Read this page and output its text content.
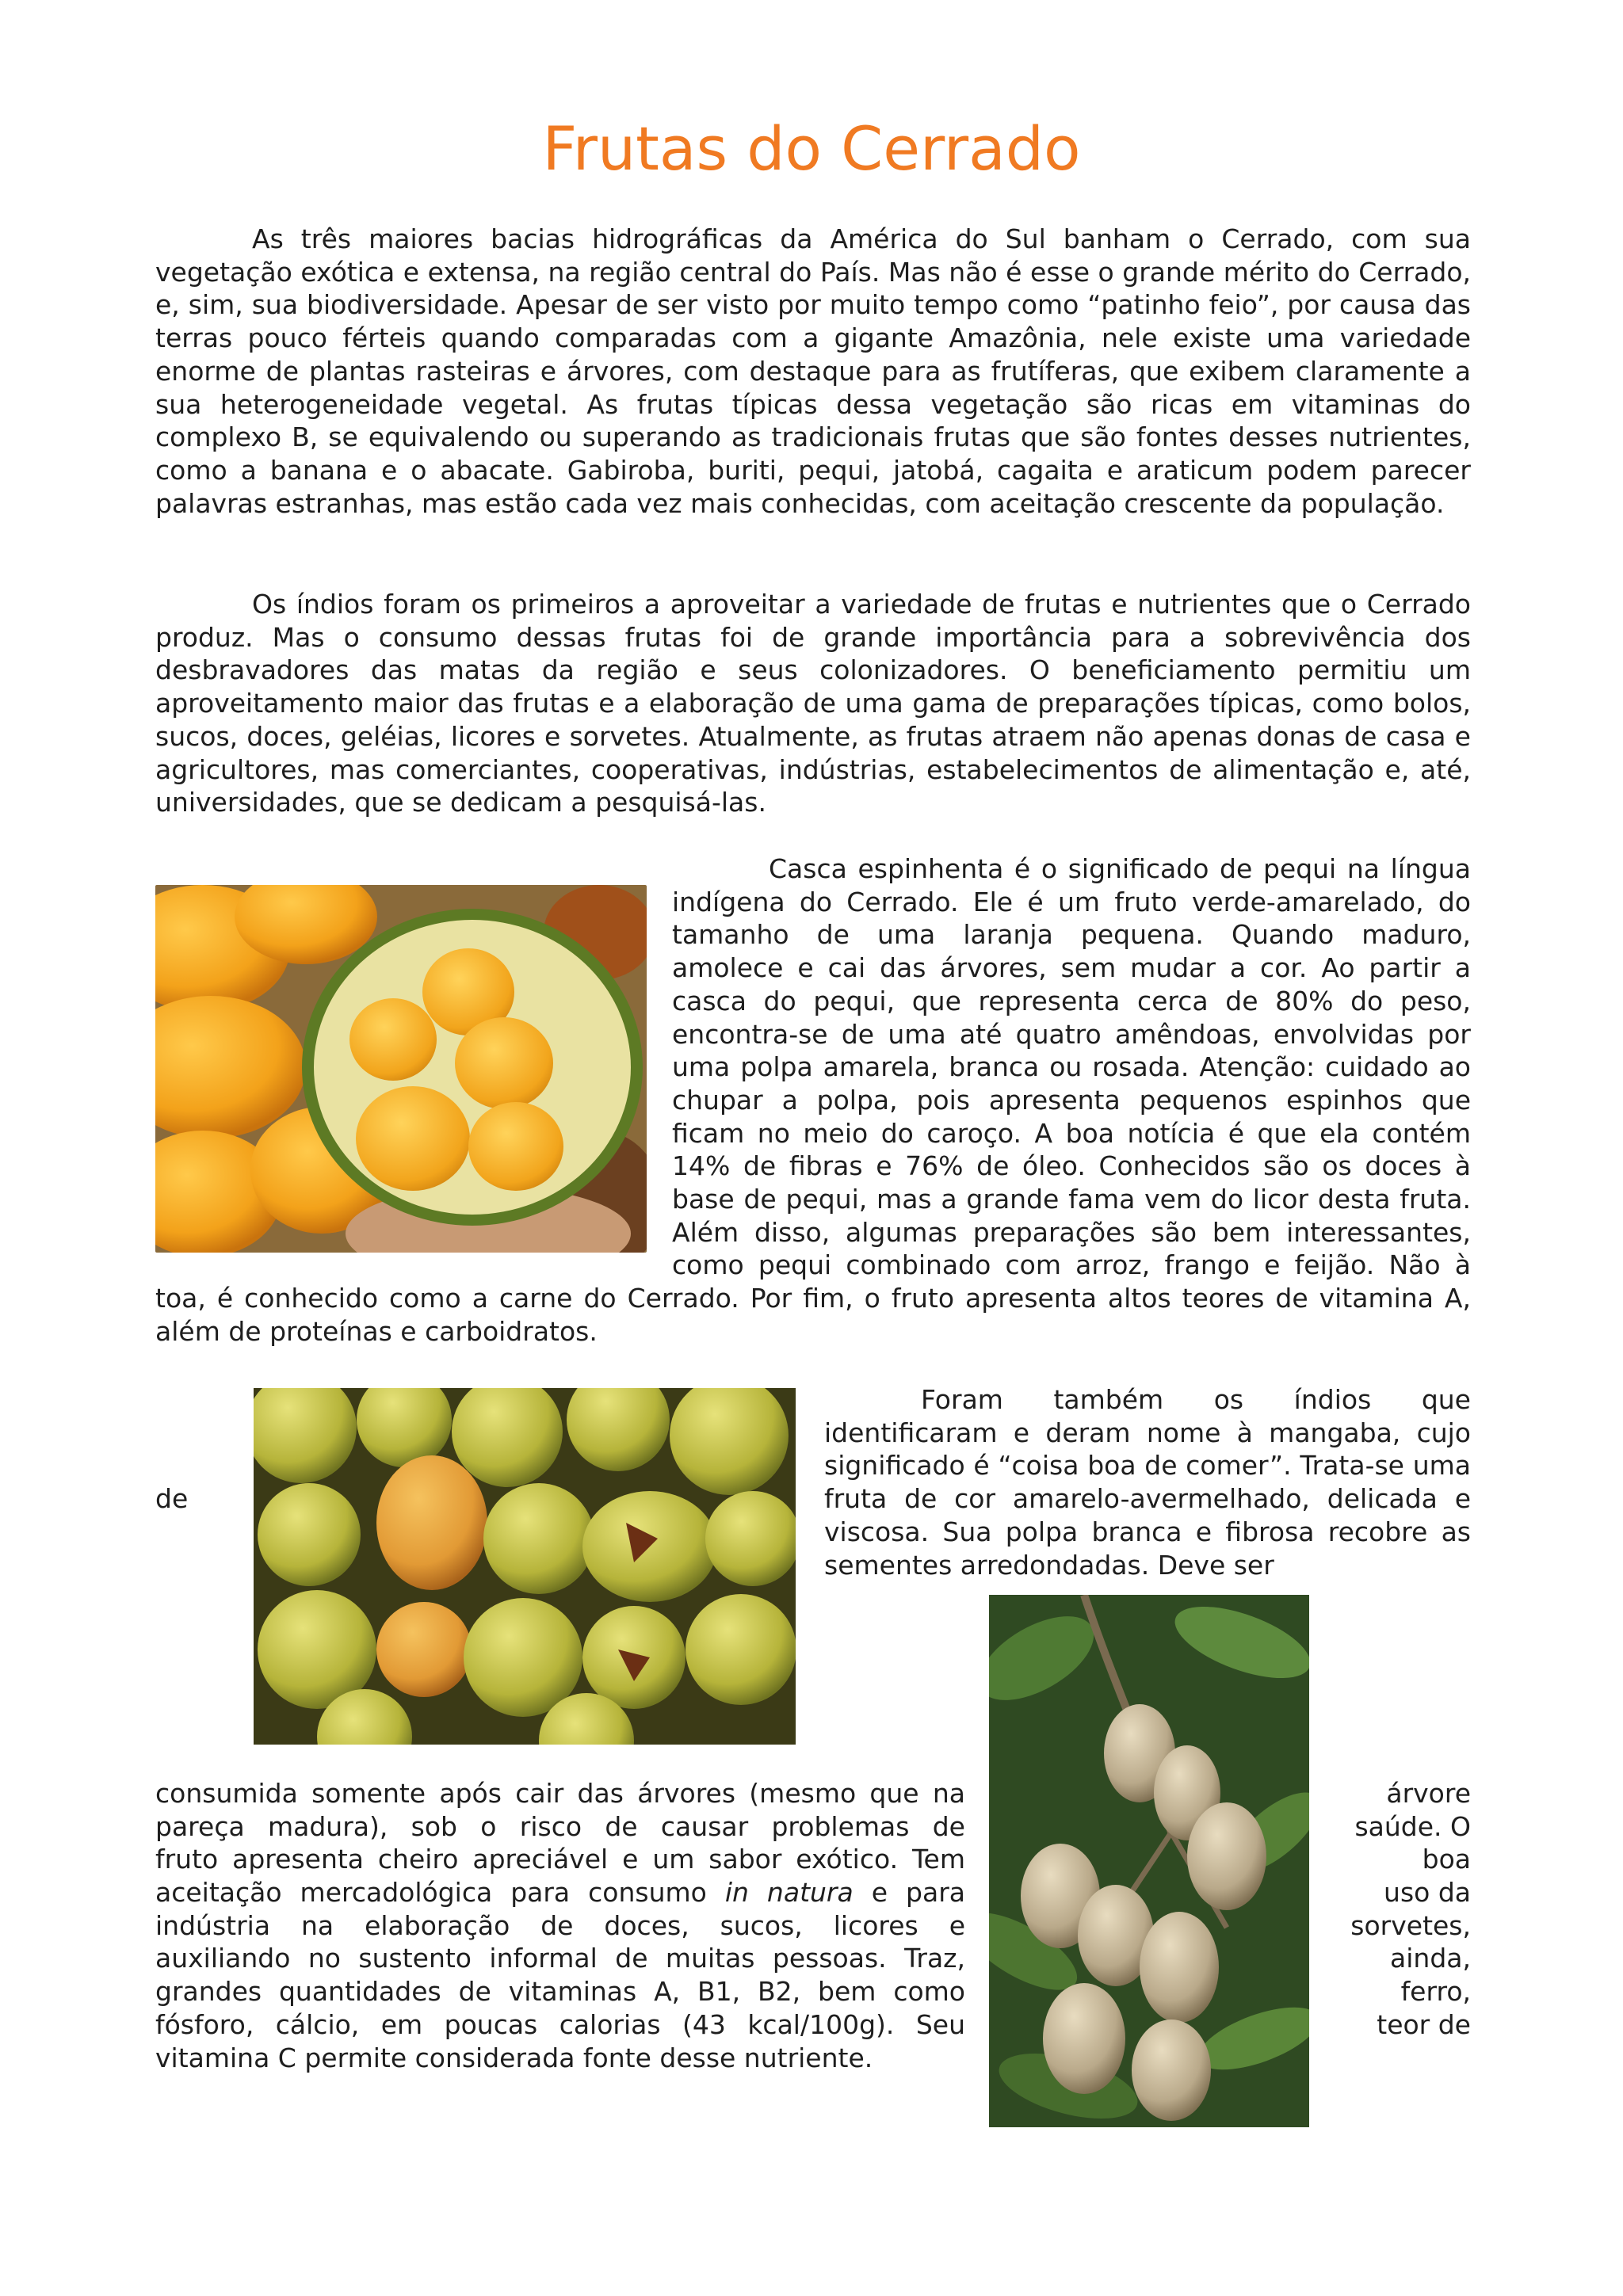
Frutas do Cerrado

As três maiores bacias hidrográficas da América do Sul banham o Cerrado, com sua vegetação exótica e extensa, na região central do País. Mas não é esse o grande mérito do Cerrado, e, sim, sua biodiversidade. Apesar de ser visto por muito tempo como “patinho feio”, por causa das terras pouco férteis quando comparadas com a gigante Amazônia, nele existe uma variedade enorme de plantas rasteiras e árvores, com destaque para as frutíferas, que exibem claramente a sua heterogeneidade vegetal. As frutas típicas dessa vegetação são ricas em vitaminas do complexo B, se equivalendo ou superando as tradicionais frutas que são fontes desses nutrientes, como a banana e o abacate. Gabiroba, buriti, pequi, jatobá, cagaita e araticum podem parecer palavras estranhas, mas estão cada vez mais conhecidas, com aceitação crescente da população.

Os índios foram os primeiros a aproveitar a variedade de frutas e nutrientes que o Cerrado produz. Mas o consumo dessas frutas foi de grande importância para a sobrevivência dos desbravadores das matas da região e seus colonizadores. O beneficiamento permitiu um aproveitamento maior das frutas e a elaboração de uma gama de preparações típicas, como bolos, sucos, doces, geléias, licores e sorvetes. Atualmente, as frutas atraem não apenas donas de casa e agricultores, mas comerciantes, cooperativas, indústrias, estabelecimentos de alimentação e, até, universidades, que se dedicam a pesquisá-las.

Casca espinhenta é o significado de pequi na língua indígena do Cerrado. Ele é um fruto verde-amarelado, do tamanho de uma laranja pequena. Quando maduro, amolece e cai das árvores, sem mudar a cor. Ao partir a casca do pequi, que representa cerca de 80% do peso, encontra-se de uma até quatro amêndoas, envolvidas por uma polpa amarela, branca ou rosada. Atenção: cuidado ao chupar a polpa, pois apresenta pequenos espinhos que ficam no meio do caroço. A boa notícia é que ela contém 14% de fibras e 76% de óleo. Conhecidos são os doces à base de pequi, mas a grande fama vem do licor desta fruta. Além disso, algumas preparações são bem interessantes, como pequi combinado com arroz, frango e feijão. Não à toa, é conhecido como a carne do Cerrado. Por fim, o fruto apresenta altos teores de vitamina A, além de proteínas e carboidratos.
de

Foram também os índios que identificaram e deram nome à mangaba, cujo significado é “coisa boa de comer”. Trata-se uma fruta de cor amarelo-avermelhado, delicada e viscosa. Sua polpa branca e fibrosa recobre as sementes arredondadas. Deve ser

consumida somente após cair das árvores (mesmo que na	árvore
pareça madura), sob o risco de causar problemas de	saúde. O
fruto apresenta cheiro apreciável e um sabor exótico. Tem	boa
aceitação mercadológica para consumo in natura e para	uso da
indústria na elaboração de doces, sucos, licores e	sorvetes,
auxiliando no sustento informal de muitas pessoas. Traz,	ainda,
grandes quantidades de vitaminas A, B1, B2, bem como	ferro,
fósforo, cálcio, em poucas calorias (43 kcal/100g). Seu	teor de
vitamina C permite considerada fonte desse nutriente.
